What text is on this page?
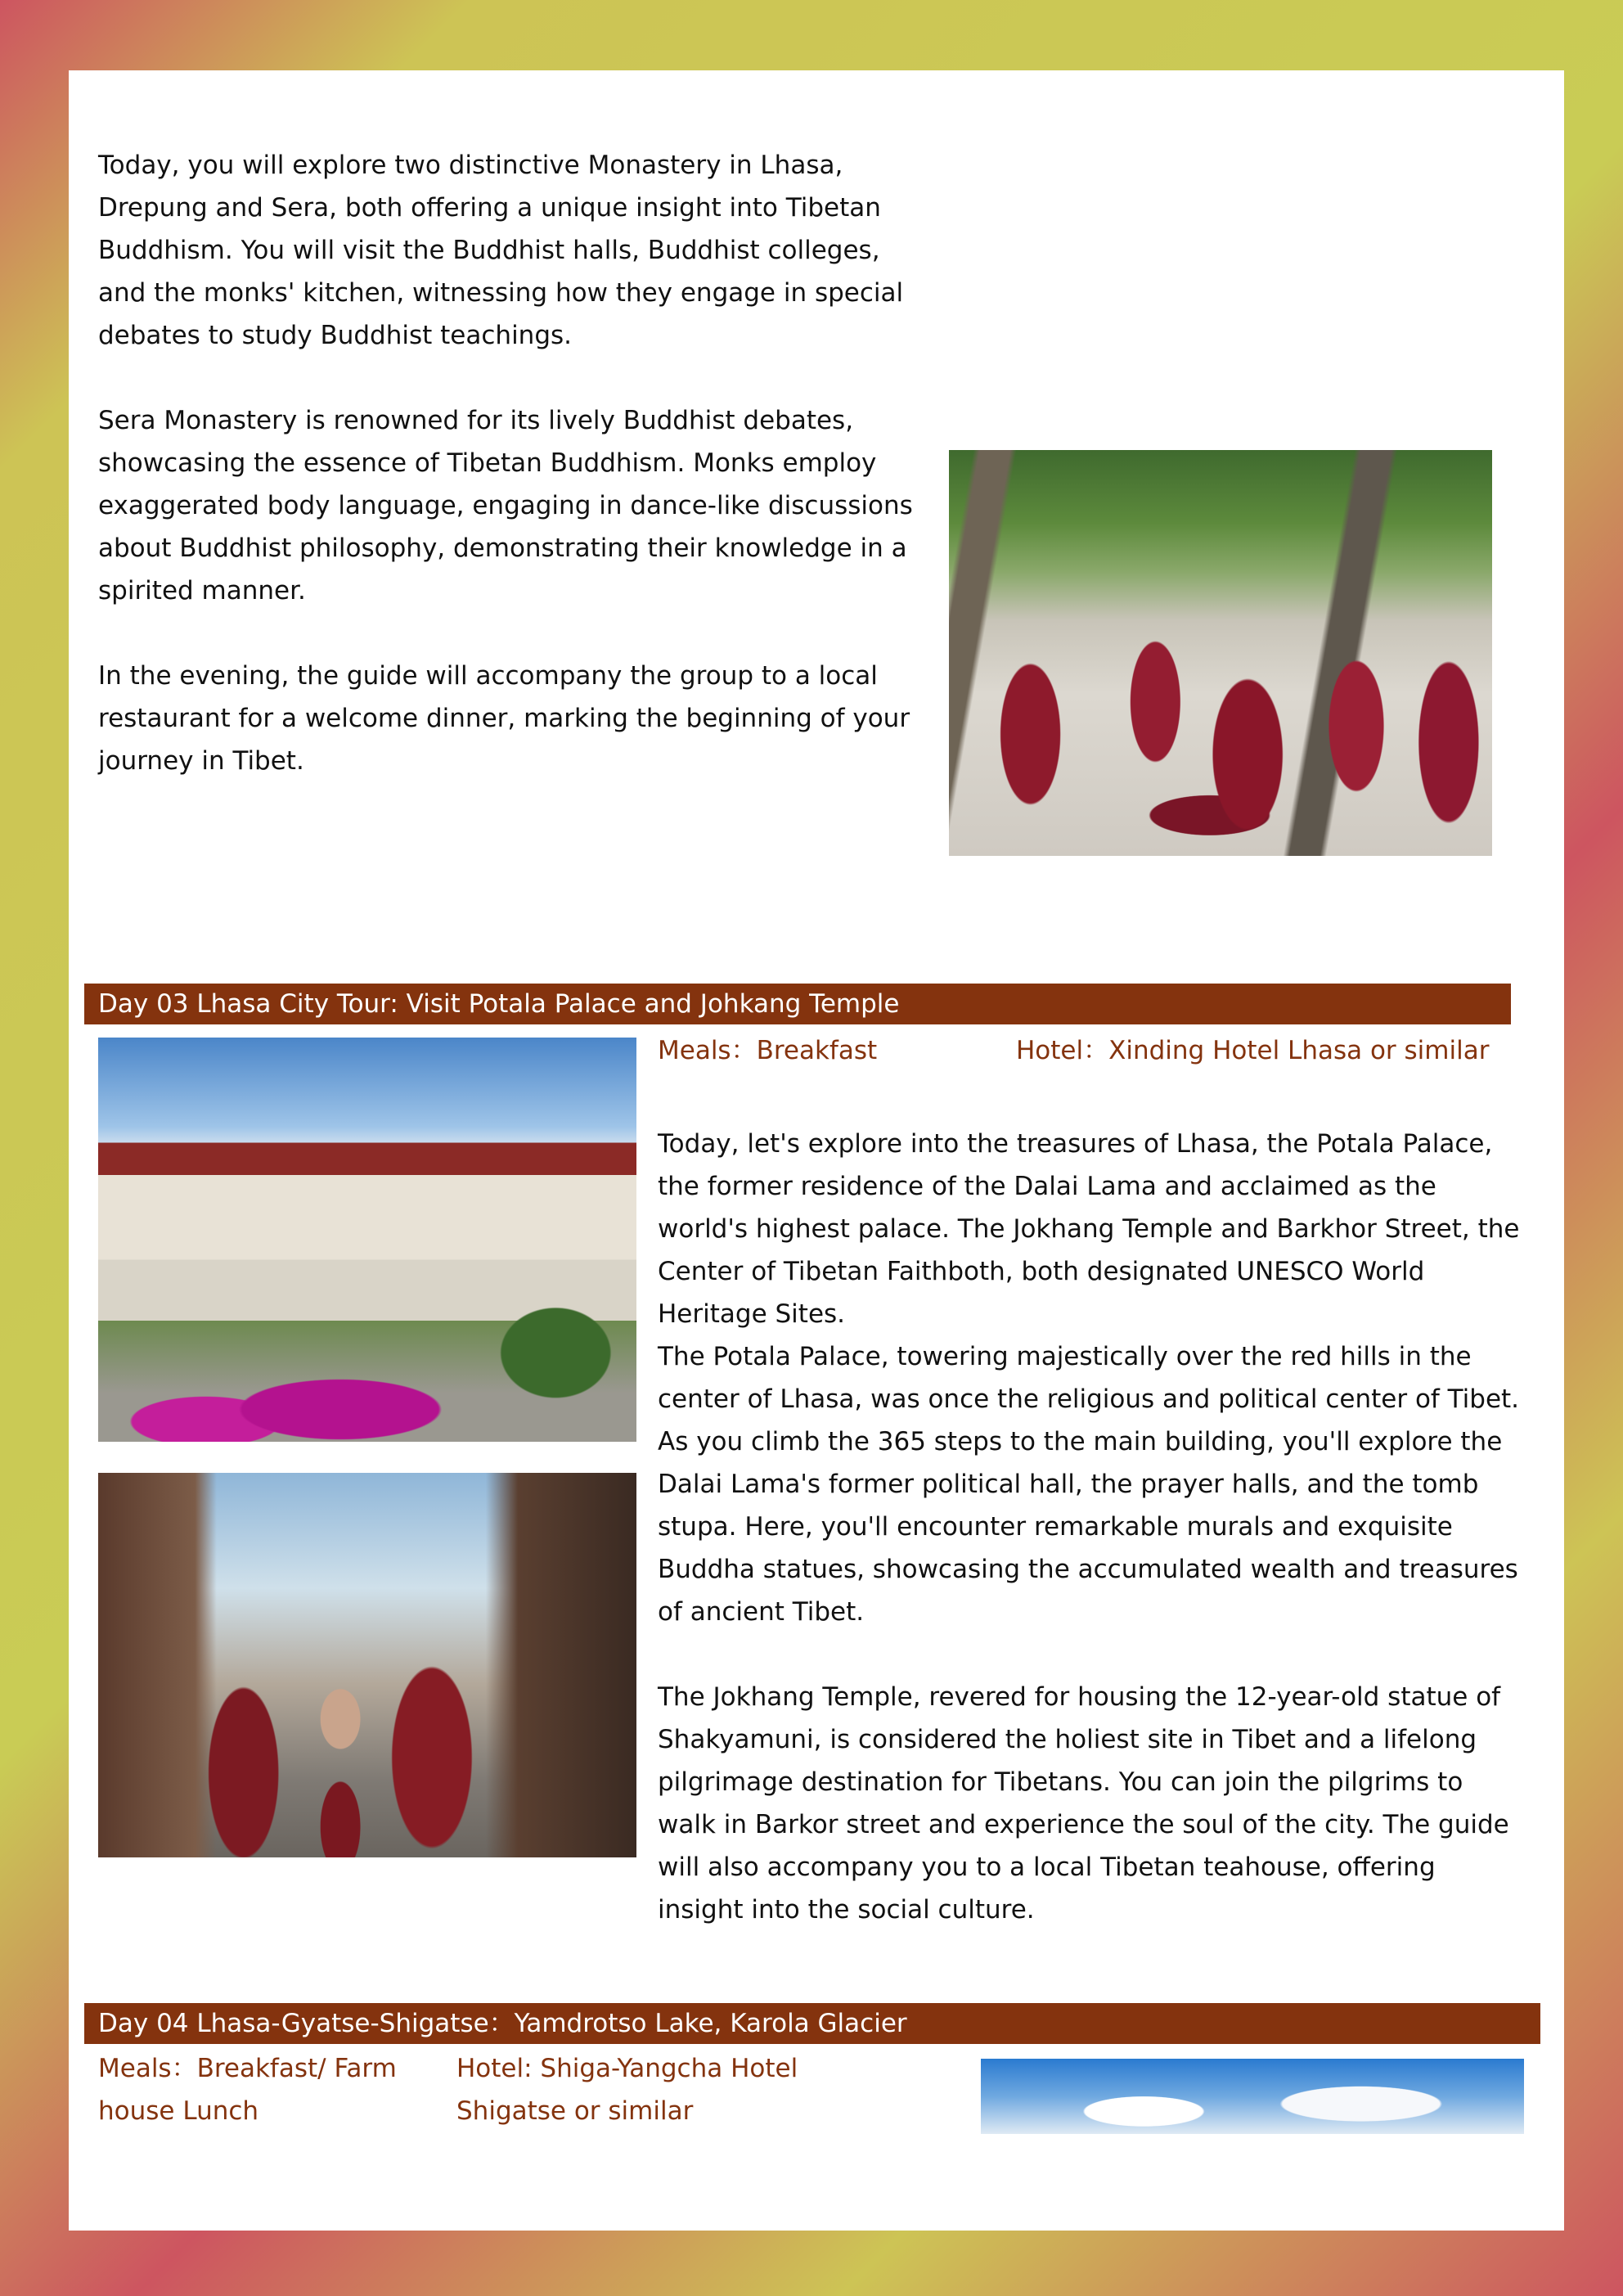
Today, you will explore two distinctive Monastery in Lhasa, Drepung and Sera, both offering a unique insight into Tibetan Buddhism. You will visit the Buddhist halls, Buddhist colleges, and the monks' kitchen, witnessing how they engage in special debates to study Buddhist teachings.

Sera Monastery is renowned for its lively Buddhist debates, showcasing the essence of Tibetan Buddhism. Monks employ exaggerated body language, engaging in dance-like discussions about Buddhist philosophy, demonstrating their knowledge in a spirited manner.

In the evening, the guide will accompany the group to a local restaurant for a welcome dinner, marking the beginning of your journey in Tibet.

Day 03 Lhasa City Tour: Visit Potala Palace and Johkang Temple

Meals：Breakfast	Hotel：Xinding Hotel Lhasa or similar

Today, let's explore into the treasures of Lhasa, the Potala Palace, the former residence of the Dalai Lama and acclaimed as the world's highest palace. The Jokhang Temple and Barkhor Street, the Center of Tibetan Faithboth, both designated UNESCO World Heritage Sites.

The Potala Palace, towering majestically over the red hills in the center of Lhasa, was once the religious and political center of Tibet. As you climb the 365 steps to the main building, you'll explore the Dalai Lama's former political hall, the prayer halls, and the tomb stupa. Here, you'll encounter remarkable murals and exquisite Buddha statues, showcasing the accumulated wealth and treasures of ancient Tibet.

The Jokhang Temple, revered for housing the 12-year-old statue of Shakyamuni, is considered the holiest site in Tibet and a lifelong pilgrimage destination for Tibetans. You can join the pilgrims to walk in Barkor street and experience the soul of the city. The guide will also accompany you to a local Tibetan teahouse, offering insight into the social culture.

Day 04 Lhasa-Gyatse-Shigatse：Yamdrotso Lake, Karola Glacier

Meals：Breakfast/ Farm house Lunch

Hotel: Shiga-Yangcha Hotel Shigatse or similar
